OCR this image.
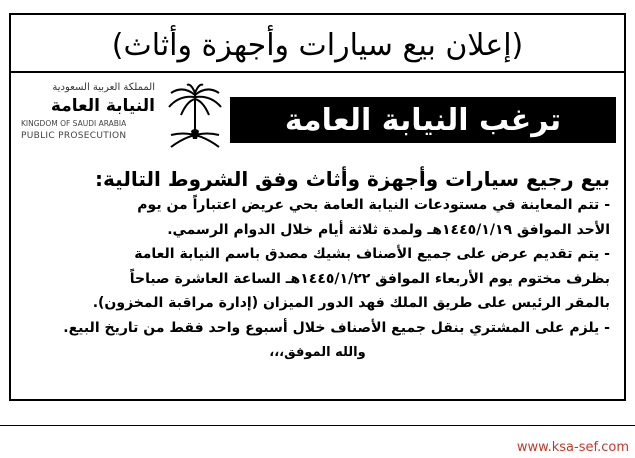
(إعلان بيع سيارات وأجهزة وأثاث)
ترغب النيابة العامة
المملكة العربية السعودية
النيابة العامة
KINGDOM OF SAUDI ARABIA
PUBLIC PROSECUTION
بيع رجيع سيارات وأجهزة وأثاث وفق الشروط التالية:

- تتم المعاينة في مستودعات النيابة العامة بحي عريض اعتباراً من يوم

الأحد الموافق ١٤٤٥/١/١٩هـ ولمدة ثلاثة أيام خلال الدوام الرسمي.

- يتم تقديم عرض على جميع الأصناف بشيك مصدق باسم النيابة العامة

بظرف مختوم يوم الأربعاء الموافق ١٤٤٥/١/٢٢هـ الساعة العاشرة صباحاً

بالمقر الرئيس على طريق الملك فهد الدور الميزان (إدارة مراقبة المخزون).

- يلزم على المشتري بنقل جميع الأصناف خلال أسبوع واحد فقط من تاريخ البيع.

والله الموفق،،،

www.ksa-sef.com
